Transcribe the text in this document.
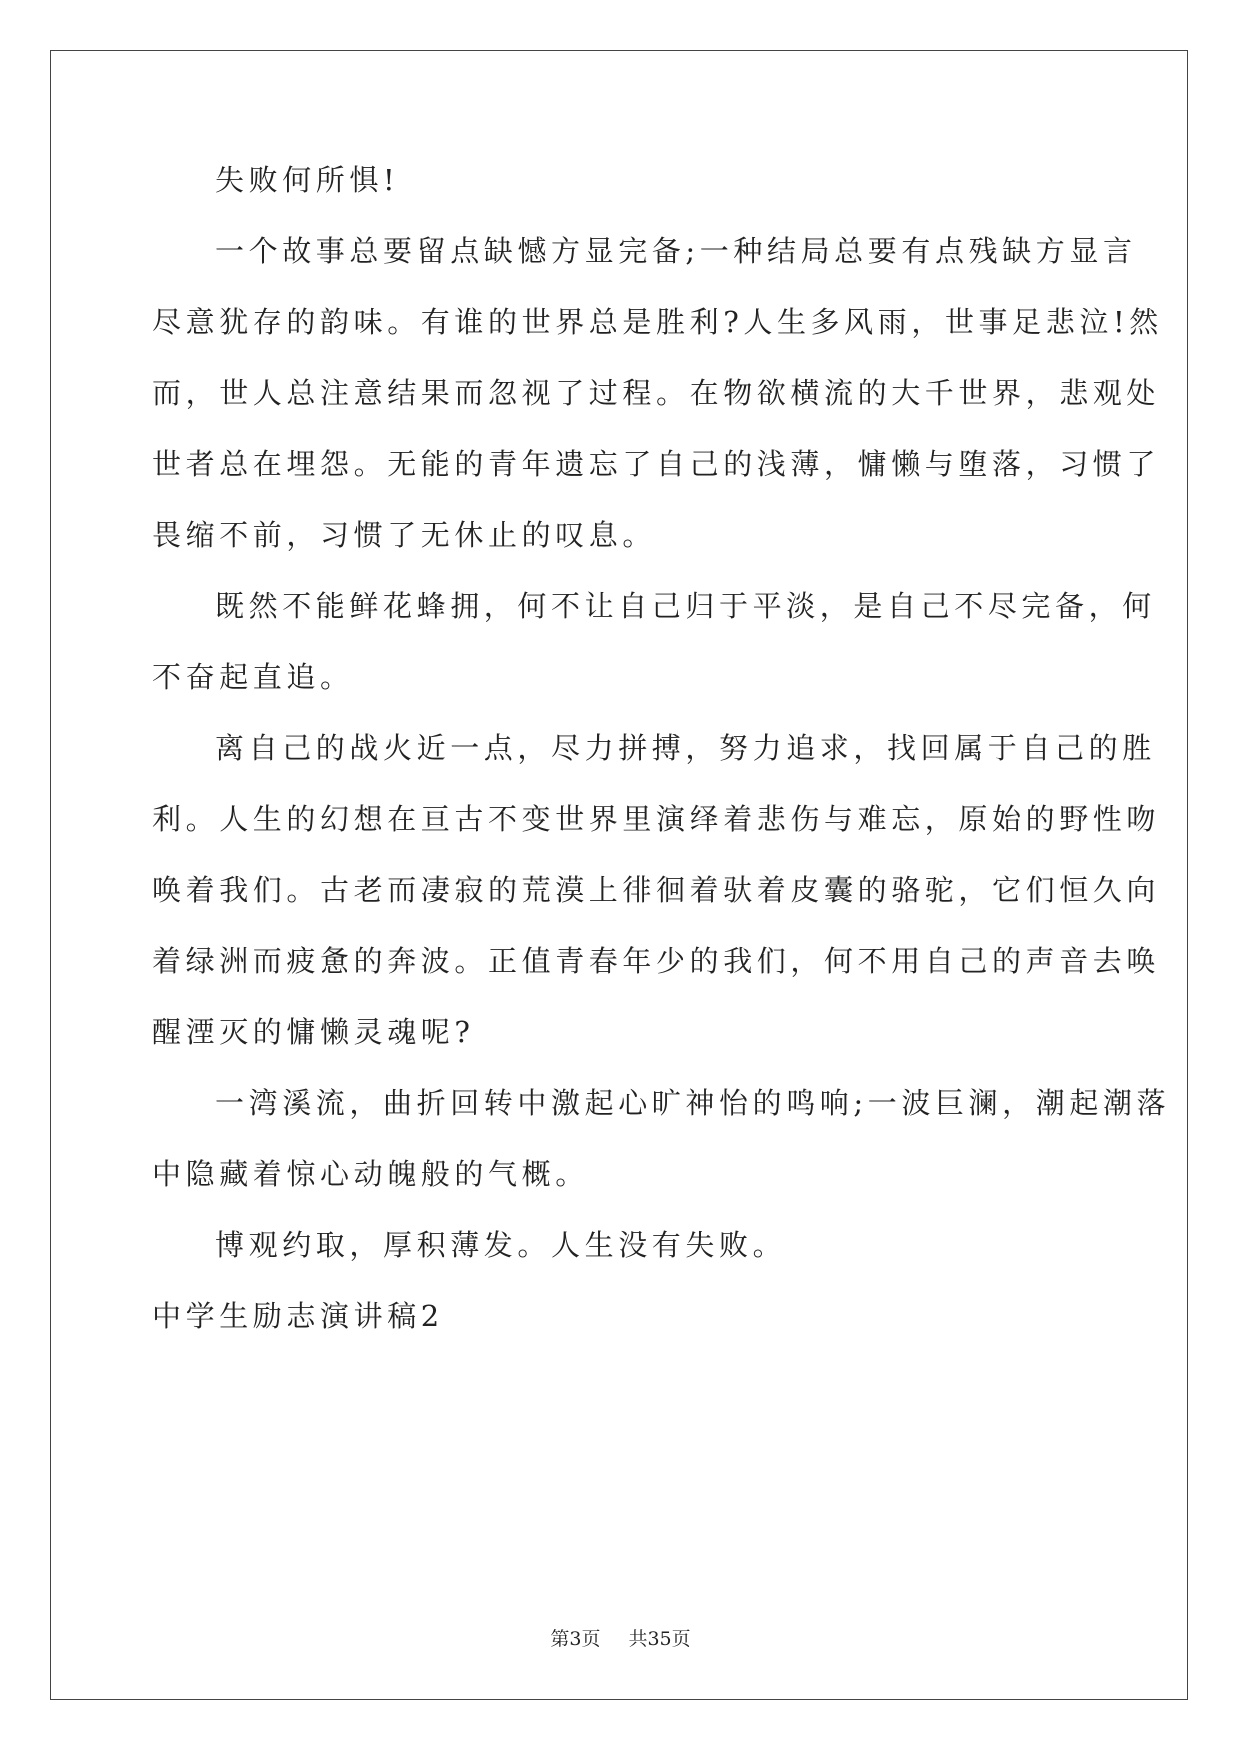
失败何所惧!
一个故事总要留点缺憾方显完备;一种结局总要有点残缺方显言
尽意犹存的韵味。有谁的世界总是胜利?人生多风雨，世事足悲泣!然
而，世人总注意结果而忽视了过程。在物欲横流的大千世界，悲观处
世者总在埋怨。无能的青年遗忘了自己的浅薄，慵懒与堕落，习惯了
畏缩不前，习惯了无休止的叹息。
既然不能鲜花蜂拥，何不让自己归于平淡，是自己不尽完备，何
不奋起直追。
离自己的战火近一点，尽力拼搏，努力追求，找回属于自己的胜
利。人生的幻想在亘古不变世界里演绎着悲伤与难忘，原始的野性吻
唤着我们。古老而凄寂的荒漠上徘徊着驮着皮囊的骆驼，它们恒久向
着绿洲而疲惫的奔波。正值青春年少的我们，何不用自己的声音去唤
醒湮灭的慵懒灵魂呢?
一湾溪流，曲折回转中激起心旷神怡的鸣响;一波巨澜，潮起潮落
中隐藏着惊心动魄般的气概。
博观约取，厚积薄发。人生没有失败。
中学生励志演讲稿2
第3页 共35页
